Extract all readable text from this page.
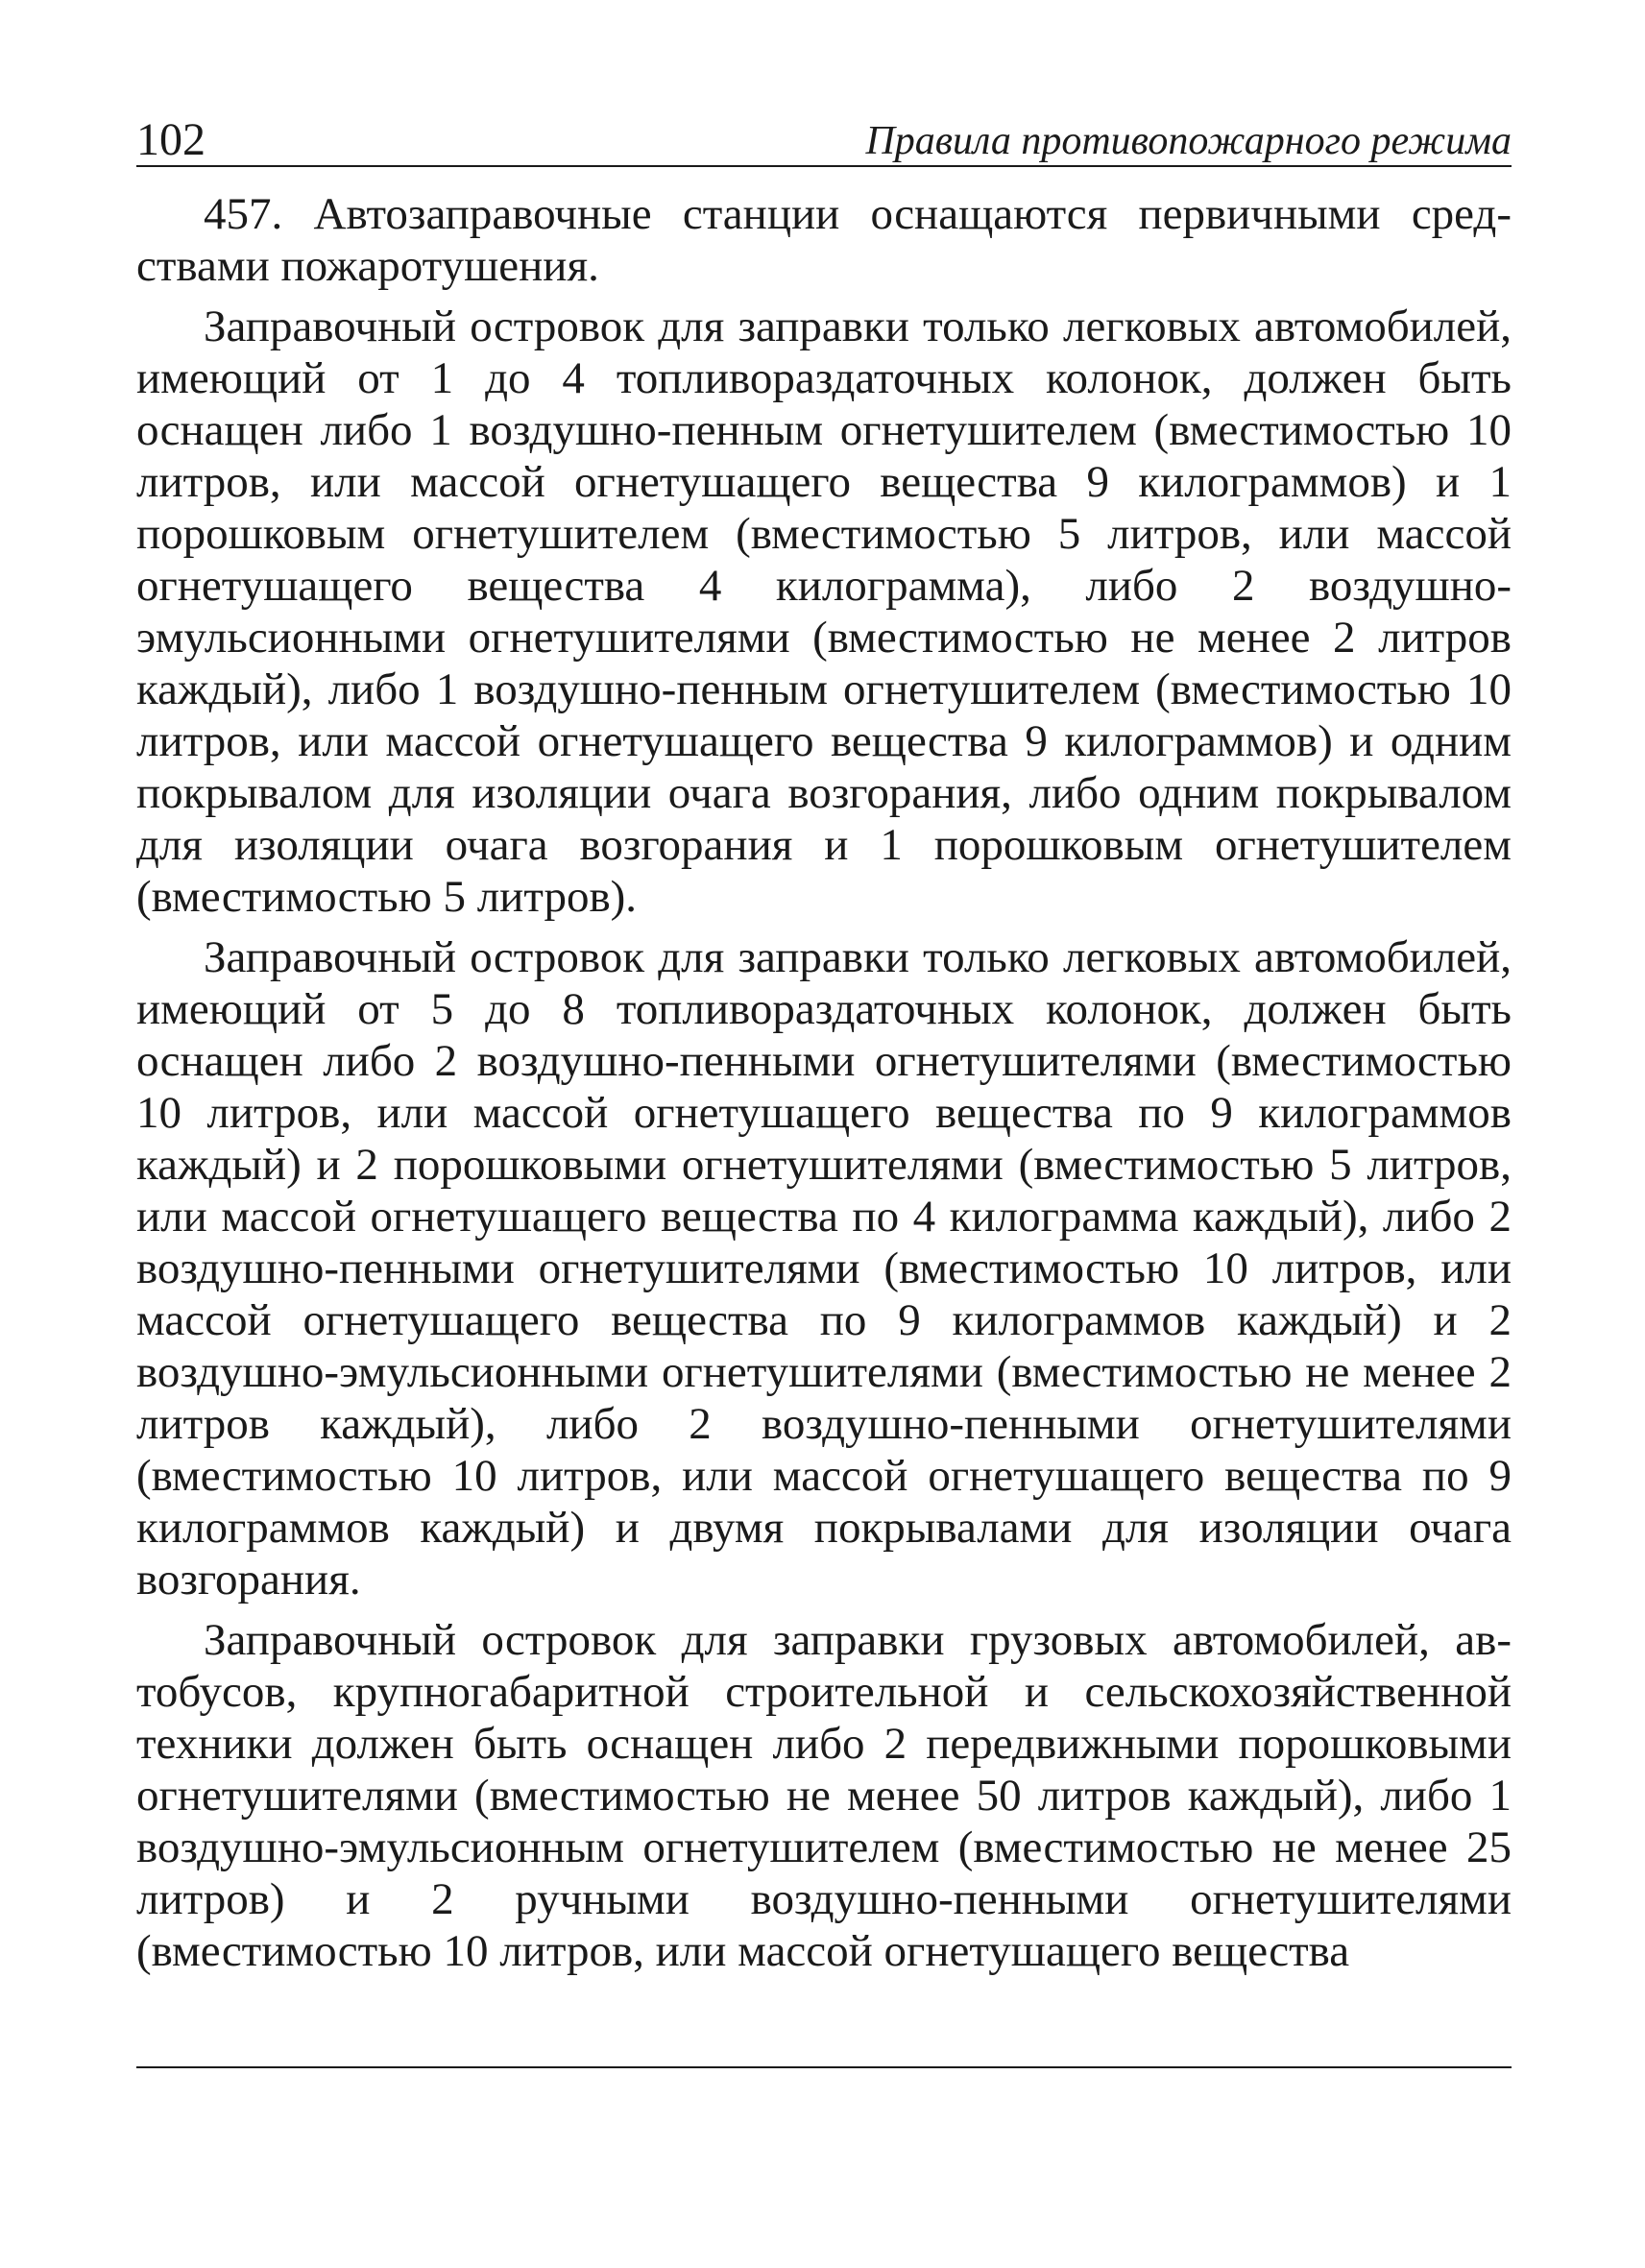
102	Правила противопожарного режима

457. Автозаправочные станции оснащаются первичными средствами пожаротушения.

Заправочный островок для заправки только легковых автомобилей, имеющий от 1 до 4 топливораздаточных колонок, должен быть оснащен либо 1 воздушно-пенным огнетушителем (вместимостью 10 литров, или массой огнетушащего вещества 9 килограммов) и 1 порошковым огнетушителем (вместимостью 5 литров, или массой огнетушащего вещества 4 килограмма), либо 2 воздушно-эмульсионными огнетушителями (вместимостью не менее 2 литров каждый), либо 1 воздушно-пенным огнетушителем (вместимостью 10 литров, или массой огнетушащего вещества 9 килограммов) и одним покрывалом для изоляции очага возгорания, либо одним покрывалом для изоляции очага возгорания и 1 порошковым огнетушителем (вместимостью 5 литров).

Заправочный островок для заправки только легковых автомобилей, имеющий от 5 до 8 топливораздаточных колонок, должен быть оснащен либо 2 воздушно-пенными огнетушителями (вместимостью 10 литров, или массой огнетушащего вещества по 9 килограммов каждый) и 2 порошковыми огнетушителями (вместимостью 5 литров, или массой огнетушащего вещества по 4 килограмма каждый), либо 2 воздушно-пенными огнетушителями (вместимостью 10 литров, или массой огнетушащего вещества по 9 килограммов каждый) и 2 воздушно-эмульсионными огнетушителями (вместимостью не менее 2 литров каждый), либо 2 воздушно-пенными огнетушителями (вместимостью 10 литров, или массой огнетушащего вещества по 9 килограммов каждый) и двумя покрывалами для изоляции очага возгорания.

Заправочный островок для заправки грузовых автомобилей, автобусов, крупногабаритной строительной и сельскохозяйственной техники должен быть оснащен либо 2 передвижными порошковыми огнетушителями (вместимостью не менее 50 литров каждый), либо 1 воздушно-эмульсионным огнетушителем (вместимостью не менее 25 литров) и 2 ручными воздушно-пенными огнетушителями (вместимостью 10 литров, или массой огнетушащего вещества
